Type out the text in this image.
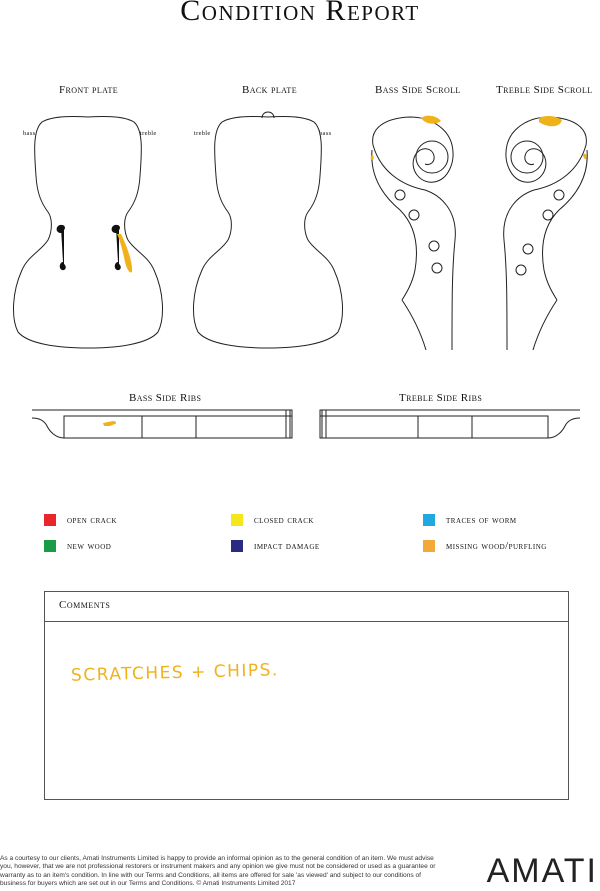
Condition Report
Front plate	Back plate	Bass Side Scroll	Treble Side Scroll
bass	treble	treble	bass
Bass Side Ribs	Treble Side Ribs
open crack	closed crack	traces of worm
new wood	impact damage	missing wood/purfling
Comments
SCRATCHES + CHIPS.
As a courtesy to our clients, Amati Instruments Limited is happy to provide an informal opinion as to the general condition of an item. We must advise you, however, that we are not professional restorers or instrument makers and any opinion we give must not be considered or used as a guarantee or warranty as to an item's condition. In line with our Terms and Conditions, all items are offered for sale 'as viewed' and subject to our conditions of business for buyers which are set out in our Terms and Conditions. © Amati Instruments Limited 2017	AMATI
